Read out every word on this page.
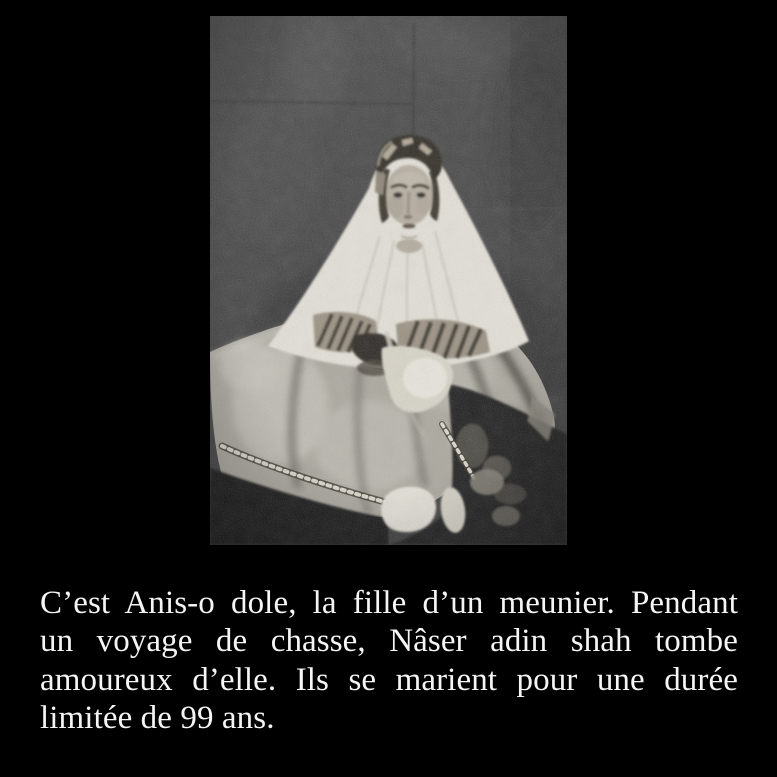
C’est Anis-o dole, la fille d’un meunier. Pendant
un voyage de chasse, Nâser adin shah tombe
amoureux d’elle. Ils se marient pour une durée
limitée de 99 ans.
